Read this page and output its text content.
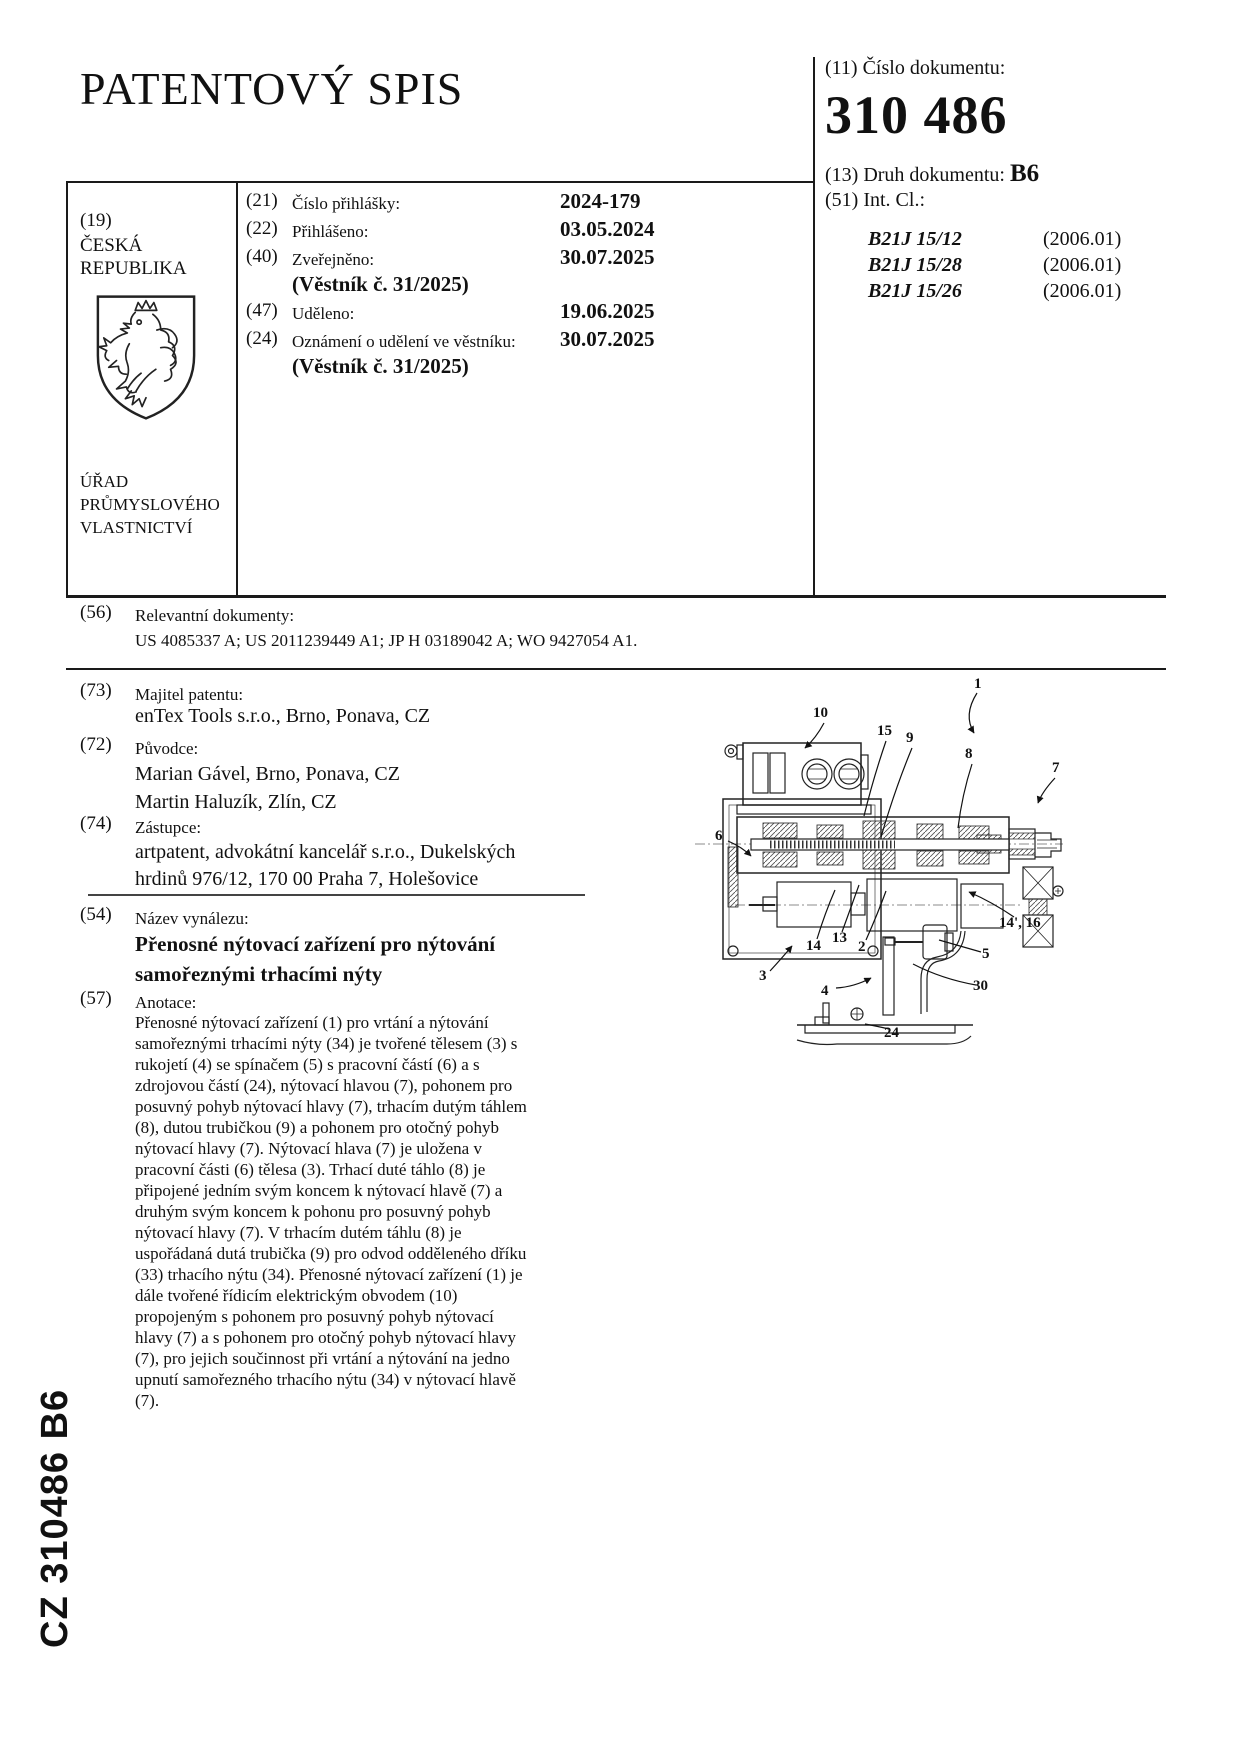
PATENTOVÝ SPIS	(11) Číslo dokumentu:
310 486
(13) Druh dokumentu: B6
(51) Int. Cl.:
B21J 15/12	(2006.01)
B21J 15/28	(2006.01)
B21J 15/26	(2006.01)
(19)
ČESKÁ
REPUBLIKA
ÚŘAD
PRŮMYSLOVÉHO
VLASTNICTVÍ
(21) Číslo přihlášky:	2024-179
(22) Přihlášeno:	03.05.2024
(40) Zveřejněno:	30.07.2025
(Věstník č. 31/2025)
(47) Uděleno:	19.06.2025
(24) Oznámení o udělení ve věstníku: 30.07.2025
(Věstník č. 31/2025)
(56) Relevantní dokumenty:
US 4085337 A; US 2011239449 A1; JP H 03189042 A; WO 9427054 A1.
(73) Majitel patentu:
enTex Tools s.r.o., Brno, Ponava, CZ
(72) Původce:
Marian Gável, Brno, Ponava, CZ
Martin Haluzík, Zlín, CZ
(74) Zástupce:
artpatent, advokátní kancelář s.r.o., Dukelských
hrdinů 976/12, 170 00 Praha 7, Holešovice
(54) Název vynálezu:
Přenosné nýtovací zařízení pro nýtování
samořeznými trhacími nýty
(57) Anotace:
Přenosné nýtovací zařízení (1) pro vrtání a nýtování
samořeznými trhacími nýty (34) je tvořené tělesem (3) s
rukojetí (4) se spínačem (5) s pracovní částí (6) a s
zdrojovou částí (24), nýtovací hlavou (7), pohonem pro
posuvný pohyb nýtovací hlavy (7), trhacím dutým táhlem
(8), dutou trubičkou (9) a pohonem pro otočný pohyb
nýtovací hlavy (7). Nýtovací hlava (7) je uložena v
pracovní části (6) tělesa (3). Trhací duté táhlo (8) je
připojené jedním svým koncem k nýtovací hlavě (7) a
druhým svým koncem k pohonu pro posuvný pohyb
nýtovací hlavy (7). V trhacím dutém táhlu (8) je
uspořádaná dutá trubička (9) pro odvod odděleného dříku
(33) trhacího nýtu (34). Přenosné nýtovací zařízení (1) je
dále tvořené řídicím elektrickým obvodem (10)
propojeným s pohonem pro posuvný pohyb nýtovací
hlavy (7) a s pohonem pro otočný pohyb nýtovací hlavy
(7), pro jejich součinnost při vrtání a nýtování na jedno
upnutí samořezného trhacího nýtu (34) v nýtovací hlavě
(7).
1
10
15 9
8
7
6
14 13
2
3
4	30
5
14', 16
24
CZ 310486 B6
